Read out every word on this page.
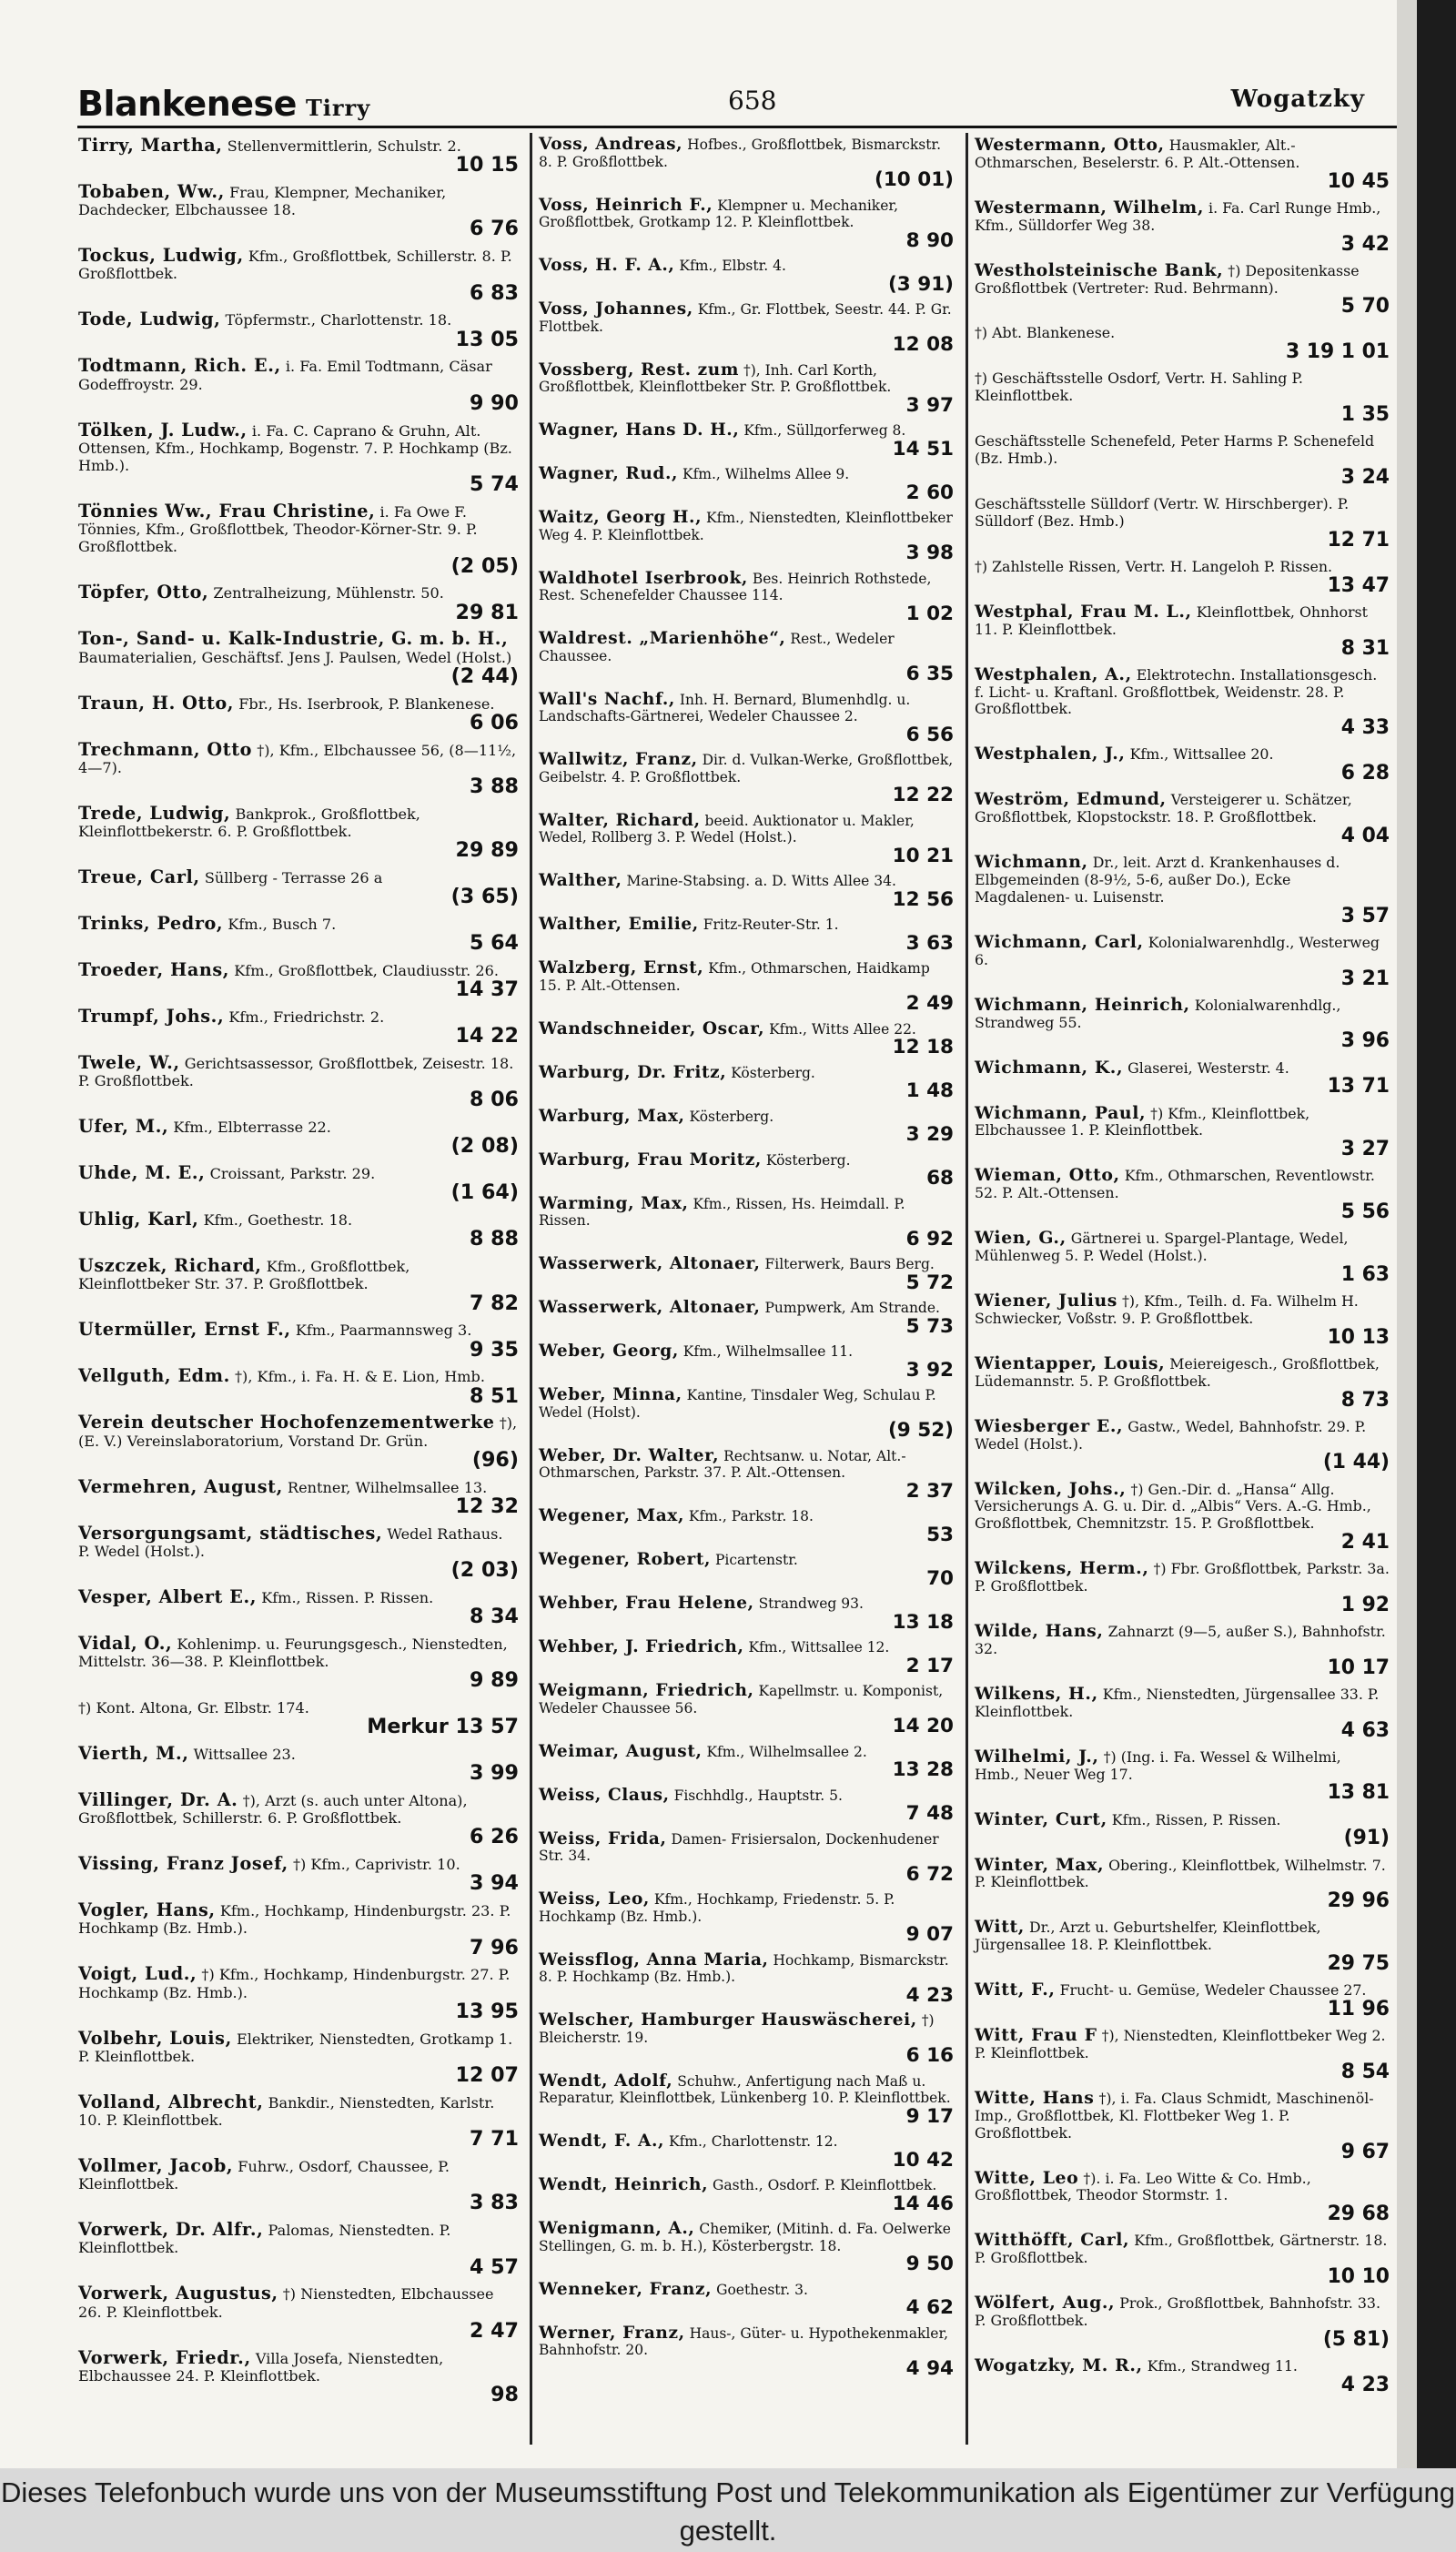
Blankenese Tirry	658	Wogatzky
Tirry, Martha, Stellenvermittlerin, Schulstr. 2.
10 15
Tobaben, Ww., Frau, Klempner, Mechaniker, Dachdecker, Elbchaussee 18.
6 76
Tockus, Ludwig, Kfm., Großflottbek, Schillerstr. 8. P. Großflottbek.
6 83
Tode, Ludwig, Töpfermstr., Charlottenstr. 18.
13 05
Todtmann, Rich. E., i. Fa. Emil Todtmann, Cäsar Godeffroystr. 29.
9 90
Tölken, J. Ludw., i. Fa. C. Caprano & Gruhn, Alt. Ottensen, Kfm., Hochkamp, Bogenstr. 7. P. Hochkamp (Bz. Hmb.).
5 74
Tönnies Ww., Frau Christine, i. Fa Owe F. Tönnies, Kfm., Großflottbek, Theodor-Körner-Str. 9. P. Großflottbek.
(2 05)
Töpfer, Otto, Zentralheizung, Mühlenstr. 50.
29 81
Ton-, Sand- u. Kalk-Industrie, G. m. b. H., Baumaterialien, Geschäftsf. Jens J. Paulsen, Wedel (Holst.)
(2 44)
Traun, H. Otto, Fbr., Hs. Iserbrook, P. Blankenese.
6 06
Trechmann, Otto †), Kfm., Elbchaussee 56, (8—11½, 4—7).
3 88
Trede, Ludwig, Bankprok., Großflottbek, Kleinflottbekerstr. 6. P. Großflottbek.
29 89
Treue, Carl, Süllberg - Terrasse 26 a
(3 65)
Trinks, Pedro, Kfm., Busch 7.
5 64
Troeder, Hans, Kfm., Großflottbek, Claudiusstr. 26.
14 37
Trumpf, Johs., Kfm., Friedrichstr. 2.
14 22
Twele, W., Gerichtsassessor, Großflottbek, Zeisestr. 18. P. Großflottbek.
8 06
Ufer, M., Kfm., Elbterrasse 22.
(2 08)
Uhde, M. E., Croissant, Parkstr. 29.
(1 64)
Uhlig, Karl, Kfm., Goethestr. 18.
8 88
Uszczek, Richard, Kfm., Großflottbek, Kleinflottbeker Str. 37. P. Großflottbek.
7 82
Utermüller, Ernst F., Kfm., Paarmannsweg 3.
9 35
Vellguth, Edm. †), Kfm., i. Fa. H. & E. Lion, Hmb.
8 51
Verein deutscher Hochofenzementwerke †), (E. V.) Vereinslaboratorium, Vorstand Dr. Grün.
(96)
Vermehren, August, Rentner, Wilhelmsallee 13.
12 32
Versorgungsamt, städtisches, Wedel Rathaus. P. Wedel (Holst.).
(2 03)
Vesper, Albert E., Kfm., Rissen. P. Rissen.
8 34
Vidal, O., Kohlenimp. u. Feurungsgesch., Nienstedten, Mittelstr. 36—38. P. Kleinflottbek.
9 89
†) Kont. Altona, Gr. Elbstr. 174.
Merkur 13 57
Vierth, M., Wittsallee 23.
3 99
Villinger, Dr. A. †), Arzt (s. auch unter Altona), Großflottbek, Schillerstr. 6. P. Großflottbek.
6 26
Vissing, Franz Josef, †) Kfm., Caprivistr. 10.
3 94
Vogler, Hans, Kfm., Hochkamp, Hindenburgstr. 23. P. Hochkamp (Bz. Hmb.).
7 96
Voigt, Lud., †) Kfm., Hochkamp, Hindenburgstr. 27. P. Hochkamp (Bz. Hmb.).
13 95
Volbehr, Louis, Elektriker, Nienstedten, Grotkamp 1. P. Kleinflottbek.
12 07
Volland, Albrecht, Bankdir., Nienstedten, Karlstr. 10. P. Kleinflottbek.
7 71
Vollmer, Jacob, Fuhrw., Osdorf, Chaussee, P. Kleinflottbek.
3 83
Vorwerk, Dr. Alfr., Palomas, Nienstedten. P. Kleinflottbek.
4 57
Vorwerk, Augustus, †) Nienstedten, Elbchaussee 26. P. Kleinflottbek.
2 47
Vorwerk, Friedr., Villa Josefa, Nienstedten, Elbchaussee 24. P. Kleinflottbek.
98
Voss, Andreas, Hofbes., Großflottbek, Bismarckstr. 8. P. Großflottbek.
(10 01)
Voss, Heinrich F., Klempner u. Mechaniker, Großflottbek, Grotkamp 12. P. Kleinflottbek.
8 90
Voss, H. F. A., Kfm., Elbstr. 4.
(3 91)
Voss, Johannes, Kfm., Gr. Flottbek, Seestr. 44. P. Gr. Flottbek.
12 08
Vossberg, Rest. zum †), Inh. Carl Korth, Großflottbek, Kleinflottbeker Str. P. Großflottbek.
3 97
Wagner, Hans D. H., Kfm., Süllдorferweg 8.
14 51
Wagner, Rud., Kfm., Wilhelms Allee 9.
2 60
Waitz, Georg H., Kfm., Nienstedten, Kleinflottbeker Weg 4. P. Kleinflottbek.
3 98
Waldhotel Iserbrook, Bes. Heinrich Rothstede, Rest. Schenefelder Chaussee 114.
1 02
Waldrest. „Marienhöhe“, Rest., Wedeler Chaussee.
6 35
Wall's Nachf., Inh. H. Bernard, Blumenhdlg. u. Landschafts-Gärtnerei, Wedeler Chaussee 2.
6 56
Wallwitz, Franz, Dir. d. Vulkan-Werke, Großflottbek, Geibelstr. 4. P. Großflottbek.
12 22
Walter, Richard, beeid. Auktionator u. Makler, Wedel, Rollberg 3. P. Wedel (Holst.).
10 21
Walther, Marine-Stabsing. a. D. Witts Allee 34.
12 56
Walther, Emilie, Fritz-Reuter-Str. 1.
3 63
Walzberg, Ernst, Kfm., Othmarschen, Haidkamp 15. P. Alt.-Ottensen.
2 49
Wandschneider, Oscar, Kfm., Witts Allee 22.
12 18
Warburg, Dr. Fritz, Kösterberg.
1 48
Warburg, Max, Kösterberg.
3 29
Warburg, Frau Moritz, Kösterberg.
68
Warming, Max, Kfm., Rissen, Hs. Heimdall. P. Rissen.
6 92
Wasserwerk, Altonaer, Filterwerk, Baurs Berg.
5 72
Wasserwerk, Altonaer, Pumpwerk, Am Strande.
5 73
Weber, Georg, Kfm., Wilhelmsallee 11.
3 92
Weber, Minna, Kantine, Tinsdaler Weg, Schulau P. Wedel (Holst).
(9 52)
Weber, Dr. Walter, Rechtsanw. u. Notar, Alt.-Othmarschen, Parkstr. 37. P. Alt.-Ottensen.
2 37
Wegener, Max, Kfm., Parkstr. 18.
53
Wegener, Robert, Picartenstr.
70
Wehber, Frau Helene, Strandweg 93.
13 18
Wehber, J. Friedrich, Kfm., Wittsallee 12.
2 17
Weigmann, Friedrich, Kapellmstr. u. Komponist, Wedeler Chaussee 56.
14 20
Weimar, August, Kfm., Wilhelmsallee 2.
13 28
Weiss, Claus, Fischhdlg., Hauptstr. 5.
7 48
Weiss, Frida, Damen- Frisiersalon, Dockenhudener Str. 34.
6 72
Weiss, Leo, Kfm., Hochkamp, Friedenstr. 5. P. Hochkamp (Bz. Hmb.).
9 07
Weissflog, Anna Maria, Hochkamp, Bismarckstr. 8. P. Hochkamp (Bz. Hmb.).
4 23
Welscher, Hamburger Hauswäscherei, †) Bleicherstr. 19.
6 16
Wendt, Adolf, Schuhw., Anfertigung nach Maß u. Reparatur, Kleinflottbek, Lünkenberg 10. P. Kleinflottbek.
9 17
Wendt, F. A., Kfm., Charlottenstr. 12.
10 42
Wendt, Heinrich, Gasth., Osdorf. P. Kleinflottbek.
14 46
Wenigmann, A., Chemiker, (Mitinh. d. Fa. Oelwerke Stellingen, G. m. b. H.), Kösterbergstr. 18.
9 50
Wenneker, Franz, Goethestr. 3.
4 62
Werner, Franz, Haus-, Güter- u. Hypothekenmakler, Bahnhofstr. 20.
4 94
Westermann, Otto, Hausmakler, Alt.-Othmarschen, Beselerstr. 6. P. Alt.-Ottensen.
10 45
Westermann, Wilhelm, i. Fa. Carl Runge Hmb., Kfm., Sülldorfer Weg 38.
3 42
Westholsteinische Bank, †) Depositenkasse Großflottbek (Vertreter: Rud. Behrmann).
5 70
†) Abt. Blankenese.
3 19 1 01
†) Geschäftsstelle Osdorf, Vertr. H. Sahling P. Kleinflottbek.
1 35
Geschäftsstelle Schenefeld, Peter Harms P. Schenefeld (Bz. Hmb.).
3 24
Geschäftsstelle Sülldorf (Vertr. W. Hirschberger). P. Sülldorf (Bez. Hmb.)
12 71
†) Zahlstelle Rissen, Vertr. H. Langeloh P. Rissen.
13 47
Westphal, Frau M. L., Kleinflottbek, Ohnhorst 11. P. Kleinflottbek.
8 31
Westphalen, A., Elektrotechn. Installationsgesch. f. Licht- u. Kraftanl. Großflottbek, Weidenstr. 28. P. Großflottbek.
4 33
Westphalen, J., Kfm., Wittsallee 20.
6 28
Weström, Edmund, Versteigerer u. Schätzer, Großflottbek, Klopstockstr. 18. P. Großflottbek.
4 04
Wichmann, Dr., leit. Arzt d. Krankenhauses d. Elbgemeinden (8-9½, 5-6, außer Do.), Ecke Magdalenen- u. Luisenstr.
3 57
Wichmann, Carl, Kolonialwarenhdlg., Westerweg 6.
3 21
Wichmann, Heinrich, Kolonialwarenhdlg., Strandweg 55.
3 96
Wichmann, K., Glaserei, Westerstr. 4.
13 71
Wichmann, Paul, †) Kfm., Kleinflottbek, Elbchaussee 1. P. Kleinflottbek.
3 27
Wieman, Otto, Kfm., Othmarschen, Reventlowstr. 52. P. Alt.-Ottensen.
5 56
Wien, G., Gärtnerei u. Spargel-Plantage, Wedel, Mühlenweg 5. P. Wedel (Holst.).
1 63
Wiener, Julius †), Kfm., Teilh. d. Fa. Wilhelm H. Schwiecker, Voßstr. 9. P. Großflottbek.
10 13
Wientapper, Louis, Meiereigesch., Großflottbek, Lüdemannstr. 5. P. Großflottbek.
8 73
Wiesberger E., Gastw., Wedel, Bahnhofstr. 29. P. Wedel (Holst.).
(1 44)
Wilcken, Johs., †) Gen.-Dir. d. „Hansa“ Allg. Versicherungs A. G. u. Dir. d. „Albis“ Vers. A.-G. Hmb., Großflottbek, Chemnitzstr. 15. P. Großflottbek.
2 41
Wilckens, Herm., †) Fbr. Großflottbek, Parkstr. 3a. P. Großflottbek.
1 92
Wilde, Hans, Zahnarzt (9—5, außer S.), Bahnhofstr. 32.
10 17
Wilkens, H., Kfm., Nienstedten, Jürgensallee 33. P. Kleinflottbek.
4 63
Wilhelmi, J., †) (Ing. i. Fa. Wessel & Wilhelmi, Hmb., Neuer Weg 17.
13 81
Winter, Curt, Kfm., Rissen, P. Rissen.
(91)
Winter, Max, Obering., Kleinflottbek, Wilhelmstr. 7. P. Kleinflottbek.
29 96
Witt, Dr., Arzt u. Geburtshelfer, Kleinflottbek, Jürgensallee 18. P. Kleinflottbek.
29 75
Witt, F., Frucht- u. Gemüse, Wedeler Chaussee 27.
11 96
Witt, Frau F †), Nienstedten, Kleinflottbeker Weg 2. P. Kleinflottbek.
8 54
Witte, Hans †), i. Fa. Claus Schmidt, Maschinenöl-Imp., Großflottbek, Kl. Flottbeker Weg 1. P. Großflottbek.
9 67
Witte, Leo †). i. Fa. Leo Witte & Co. Hmb., Großflottbek, Theodor Stormstr. 1.
29 68
Witthöfft, Carl, Kfm., Großflottbek, Gärtnerstr. 18. P. Großflottbek.
10 10
Wölfert, Aug., Prok., Großflottbek, Bahnhofstr. 33. P. Großflottbek.
(5 81)
Wogatzky, M. R., Kfm., Strandweg 11.
4 23
Dieses Telefonbuch wurde uns von der Museumsstiftung Post und Telekommunikation als Eigentümer zur Verfügung gestellt.
